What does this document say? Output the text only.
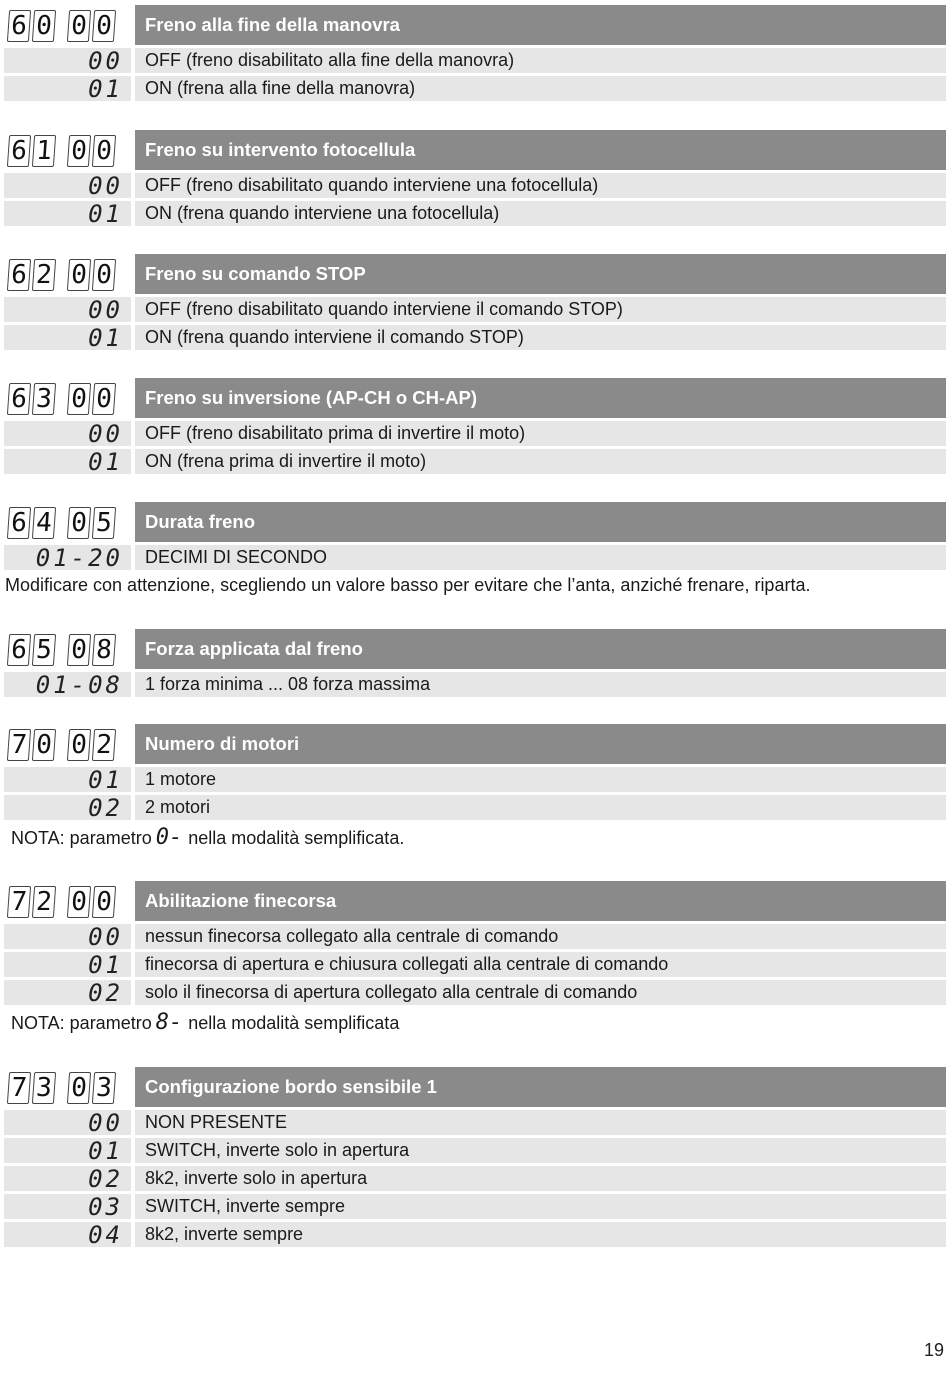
6 0 0 0	Freno alla fine della manovra
00	OFF (freno disabilitato alla fine della manovra)
01	ON (frena alla fine della manovra)
6 1 0 0	Freno su intervento fotocellula
00	OFF (freno disabilitato quando interviene una fotocellula)
01	ON (frena quando interviene una fotocellula)
6 2 0 0	Freno su comando STOP
00	OFF (freno disabilitato quando interviene il comando STOP)
01	ON (frena quando interviene il comando STOP)
6 3 0 0	Freno su inversione (AP-CH o CH-AP)
00	OFF (freno disabilitato prima di invertire il moto)
01	ON (frena prima di invertire il moto)
6 4 0 5	Durata freno
01-20	DECIMI DI SECONDO
Modificare con attenzione, scegliendo un valore basso per evitare che l’anta, anziché frenare, riparta.
6 5 0 8	Forza applicata dal freno
01-08	1 forza minima ... 08 forza massima
7 0 0 2	Numero di motori
01	1 motore
02	2 motori
NOTA: parametro 0- nella modalità semplificata.
7 2 0 0	Abilitazione finecorsa
00	nessun finecorsa collegato alla centrale di comando
01	finecorsa di apertura e chiusura collegati alla centrale di comando
02	solo il finecorsa di apertura collegato alla centrale di comando
NOTA: parametro 8- nella modalità semplificata
7 3 0 3	Configurazione bordo sensibile 1
00	NON PRESENTE
01	SWITCH, inverte solo in apertura
02	8k2, inverte solo in apertura
03	SWITCH, inverte sempre
04	8k2, inverte sempre
19
